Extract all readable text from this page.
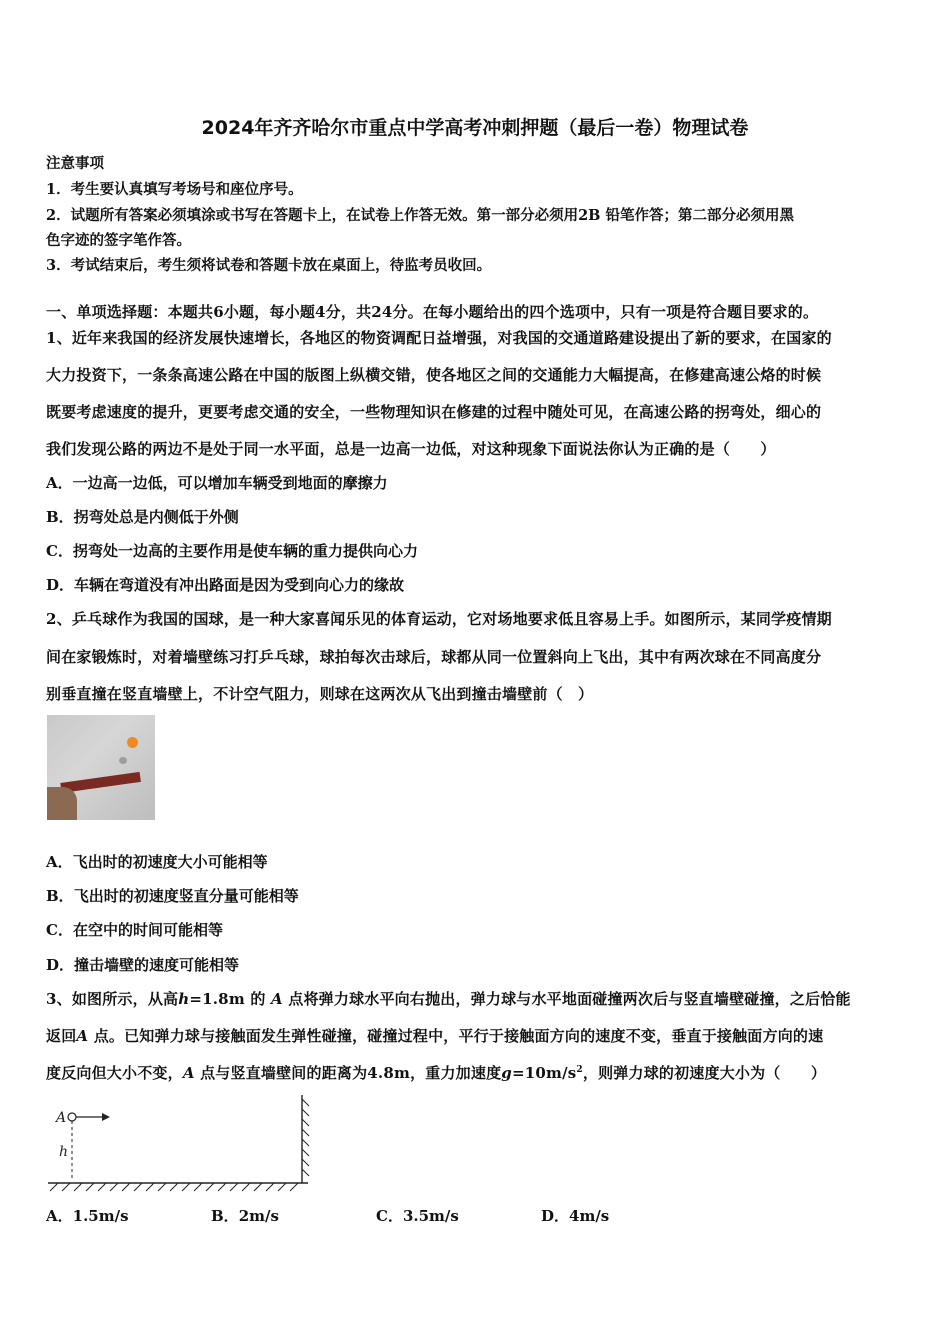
2024年齐齐哈尔市重点中学高考冲刺押题（最后一卷）物理试卷
注意事项
1．考生要认真填写考场号和座位序号。
2．试题所有答案必须填涂或书写在答题卡上，在试卷上作答无效。第一部分必须用2B 铅笔作答；第二部分必须用黑
色字迹的签字笔作答。
3．考试结束后，考生须将试卷和答题卡放在桌面上，待监考员收回。
一、单项选择题：本题共6小题，每小题4分，共24分。在每小题给出的四个选项中，只有一项是符合题目要求的。
1、近年来我国的经济发展快速增长，各地区的物资调配日益增强，对我国的交通道路建设提出了新的要求，在国家的
大力投资下，一条条高速公路在中国的版图上纵横交错，使各地区之间的交通能力大幅提高，在修建高速公烙的时候
既要考虑速度的提升，更要考虑交通的安全，一些物理知识在修建的过程中随处可见，在高速公路的拐弯处，细心的
我们发现公路的两边不是处于同一水平面，总是一边高一边低，对这种现象下面说法你认为正确的是（　　）
A．一边高一边低，可以增加车辆受到地面的摩擦力
B．拐弯处总是内侧低于外侧
C．拐弯处一边高的主要作用是使车辆的重力提供向心力
D．车辆在弯道没有冲出路面是因为受到向心力的缘故
2、乒乓球作为我国的国球，是一种大家喜闻乐见的体育运动，它对场地要求低且容易上手。如图所示，某同学疫情期
间在家锻炼时，对着墙壁练习打乒乓球，球拍每次击球后，球都从同一位置斜向上飞出，其中有两次球在不同高度分
别垂直撞在竖直墙壁上，不计空气阻力，则球在这两次从飞出到撞击墙壁前（　）
A．飞出时的初速度大小可能相等
B．飞出时的初速度竖直分量可能相等
C．在空中的时间可能相等
D．撞击墙壁的速度可能相等
3、如图所示，从高h=1.8m 的 A 点将弹力球水平向右抛出，弹力球与水平地面碰撞两次后与竖直墙壁碰撞，之后恰能
返回A 点。已知弹力球与接触面发生弹性碰撞，碰撞过程中，平行于接触面方向的速度不变，垂直于接触面方向的速
度反向但大小不变，A 点与竖直墙壁间的距离为4.8m，重力加速度$g=10m/s^2$，则弹力球的初速度大小为（　　）
A
h
A．1.5m/s	B．2m/s	C．3.5m/s	D．4m/s
